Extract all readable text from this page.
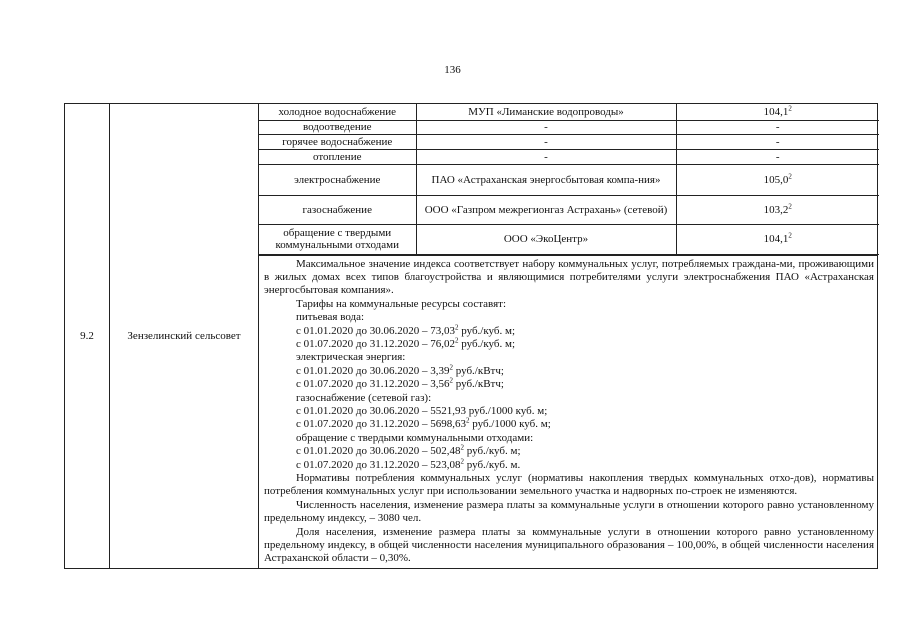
136
9.2	Зензелинский сельсовет	
холодное водоснабжение	МУП «Лиманские водопроводы»	104,1$^2$
водоотведение	-	-
горячее водоснабжение	-	-
отопление	-	-
электроснабжение	ПАО «Астраханская энергосбытовая компа-ния»	105,0$^2$
газоснабжение	ООО «Газпром межрегионгаз Астрахань» (сетевой)	103,2$^2$
обращение с твердыми коммунальными отходами	ООО «ЭкоЦентр»	104,1$^2$

Максимальное значение индекса соответствует набору коммунальных услуг, потребляемых граждана-ми, проживающими в жилых домах всех типов благоустройства и являющимися потребителями услуги электроснабжения ПАО «Астраханская энергосбытовая компания».
Тарифы на коммунальные ресурсы составят:
питьевая вода:
с 01.01.2020 до 30.06.2020 – 73,03$^2$ руб./куб. м;
с 01.07.2020 до 31.12.2020 – 76,02$^2$ руб./куб. м;
электрическая энергия:
с 01.01.2020 до 30.06.2020 – 3,39$^2$ руб./кВтч;
с 01.07.2020 до 31.12.2020 – 3,56$^2$ руб./кВтч;
газоснабжение (сетевой газ):
с 01.01.2020 до 30.06.2020 – 5521,93 руб./1000 куб. м;
с 01.07.2020 до 31.12.2020 – 5698,63$^2$ руб./1000 куб. м;
обращение с твердыми коммунальными отходами:
с 01.01.2020 до 30.06.2020 – 502,48$^2$ руб./куб. м;
с 01.07.2020 до 31.12.2020 – 523,08$^2$ руб./куб. м.
Нормативы потребления коммунальных услуг (нормативы накопления твердых коммунальных отхо-дов), нормативы потребления коммунальных услуг при использовании земельного участка и надворных по-строек не изменяются.
Численность населения, изменение размера платы за коммунальные услуги в отношении которого равно установленному предельному индексу, – 3080 чел.
Доля населения, изменение размера платы за коммунальные услуги в отношении которого равно установленному предельному индексу, в общей численности населения муниципального образования – 100,00%, в общей численности населения Астраханской области – 0,30%.
